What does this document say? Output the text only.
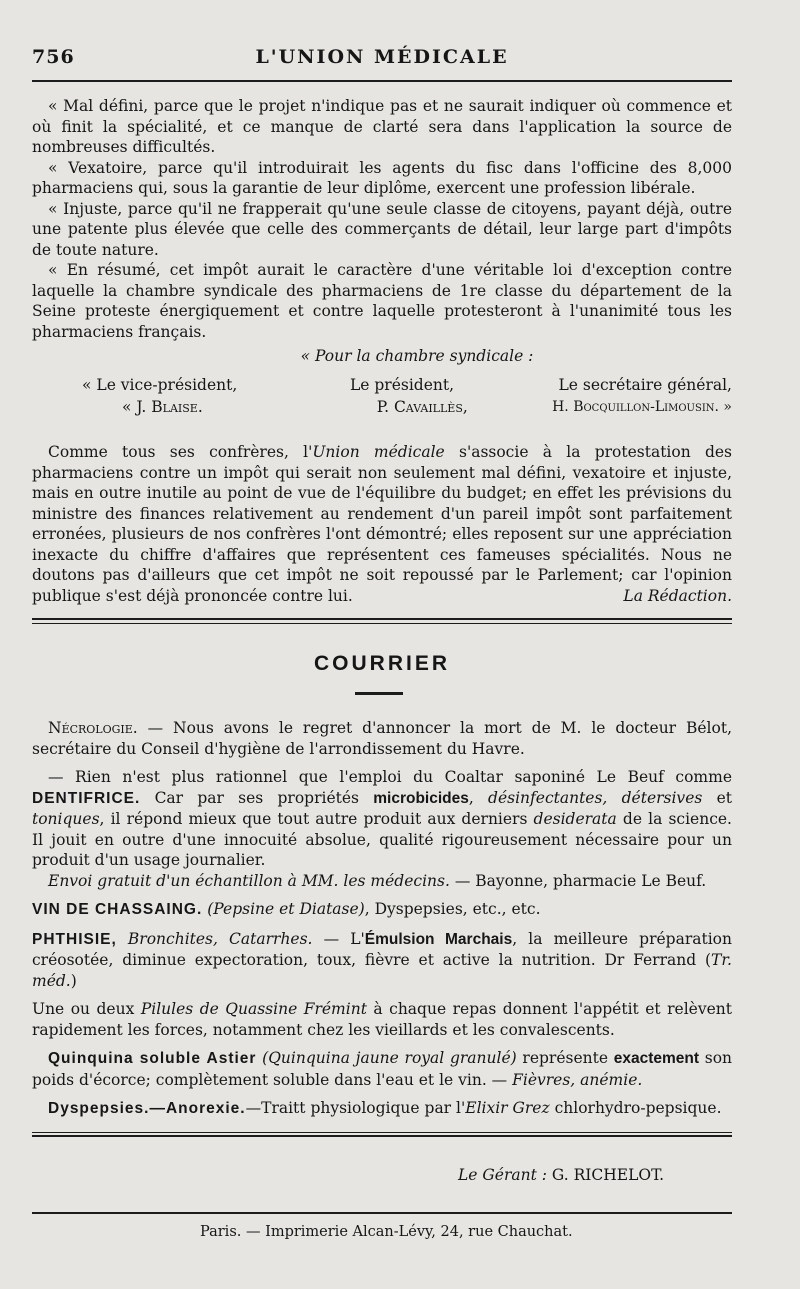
756	L'UNION MÉDICALE

« Mal défini, parce que le projet n'indique pas et ne saurait indiquer où commence et où finit la spécialité, et ce manque de clarté sera dans l'application la source de nombreuses difficultés.

« Vexatoire, parce qu'il introduirait les agents du fisc dans l'officine des 8,000 pharmaciens qui, sous la garantie de leur diplôme, exercent une profession libérale.

« Injuste, parce qu'il ne frapperait qu'une seule classe de citoyens, payant déjà, outre une patente plus élevée que celle des commerçants de détail, leur large part d'impôts de toute nature.

« En résumé, cet impôt aurait le caractère d'une véritable loi d'exception contre laquelle la chambre syndicale des pharmaciens de 1re classe du département de la Seine proteste énergiquement et contre laquelle protesteront à l'unanimité tous les pharmaciens français.

« Pour la chambre syndicale :
« Le vice-président,	Le président,	Le secrétaire général,
« J. Blaise.	P. Cavaillès,	H. Bocquillon-Limousin. »

Comme tous ses confrères, l'Union médicale s'associe à la protestation des pharmaciens contre un impôt qui serait non seulement mal défini, vexatoire et injuste, mais en outre inutile au point de vue de l'équilibre du budget; en effet les prévisions du ministre des finances relativement au rendement d'un pareil impôt sont parfaitement erronées, plusieurs de nos confrères l'ont démontré; elles reposent sur une appréciation inexacte du chiffre d'affaires que représentent ces fameuses spécialités. Nous ne doutons pas d'ailleurs que cet impôt ne soit repoussé par le Parlement; car l'opinion publique s'est déjà prononcée contre lui.	La Rédaction.
COURRIER

Nécrologie. — Nous avons le regret d'annoncer la mort de M. le docteur Bélot, secrétaire du Conseil d'hygiène de l'arrondissement du Havre.

— Rien n'est plus rationnel que l'emploi du Coaltar saponiné Le Beuf comme DENTIFRICE. Car par ses propriétés microbicides, désinfectantes, détersives et toniques, il répond mieux que tout autre produit aux derniers desiderata de la science. Il jouit en outre d'une innocuité absolue, qualité rigoureusement nécessaire pour un produit d'un usage journalier.

Envoi gratuit d'un échantillon à MM. les médecins. — Bayonne, pharmacie Le Beuf.

VIN DE CHASSAING. (Pepsine et Diatase), Dyspepsies, etc., etc.

PHTHISIE, Bronchites, Catarrhes. — L'Émulsion Marchais, la meilleure préparation créosotée, diminue expectoration, toux, fièvre et active la nutrition. Dr Ferrand (Tr. méd.)

Une ou deux Pilules de Quassine Frémint à chaque repas donnent l'appétit et relèvent rapidement les forces, notamment chez les vieillards et les convalescents.

Quinquina soluble Astier (Quinquina jaune royal granulé) représente exactement son poids d'écorce; complètement soluble dans l'eau et le vin. — Fièvres, anémie.

Dyspepsies.—Anorexie.—Traitt physiologique par l'Elixir Grez chlorhydro-pepsique.

Le Gérant : G. RICHELOT.
Paris. — Imprimerie Alcan-Lévy, 24, rue Chauchat.
